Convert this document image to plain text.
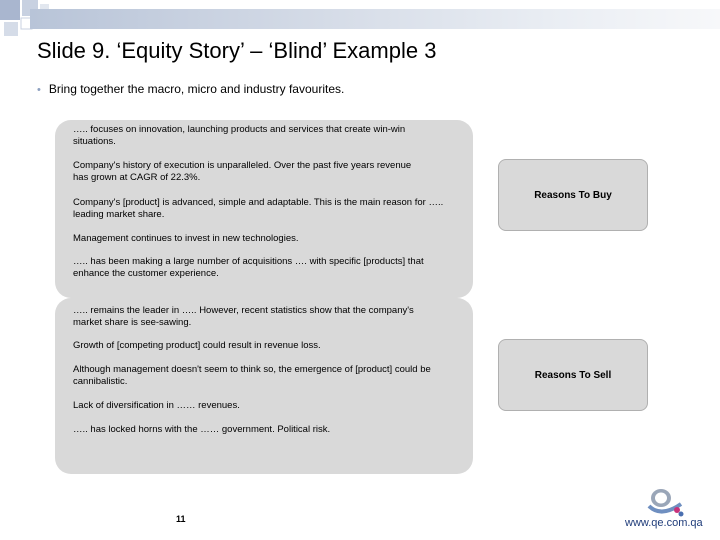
Slide 9. ‘Equity Story’ – ‘Blind’ Example 3
• Bring together the macro, micro and industry favourites.

….. focuses on innovation, launching products and services that create win-win
situations.

Company's history of execution is unparalleled. Over the past five years revenue
has grown at CAGR of 22.3%.

Company's [product] is advanced, simple and adaptable. This is the main reason for …..
leading market share.

Management continues to invest in new technologies.

….. has been making a large number of acquisitions …. with specific [products] that
enhance the customer experience.

….. remains the leader in ….. However, recent statistics show that the company's
market share is see-sawing.

Growth of [competing product] could result in revenue loss.

Although management doesn't seem to think so, the emergence of [product] could be
cannibalistic.

Lack of diversification in …… revenues.

….. has locked horns with the …… government. Political risk.

Reasons To Buy
Reasons To Sell
11	www.qe.com.qa
